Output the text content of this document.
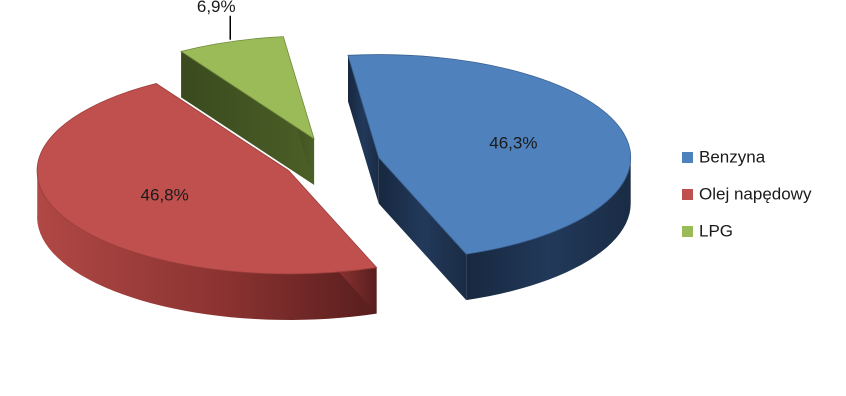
6,9%
46,8%
46,3%
Benzyna
Olej napędowy
LPG
